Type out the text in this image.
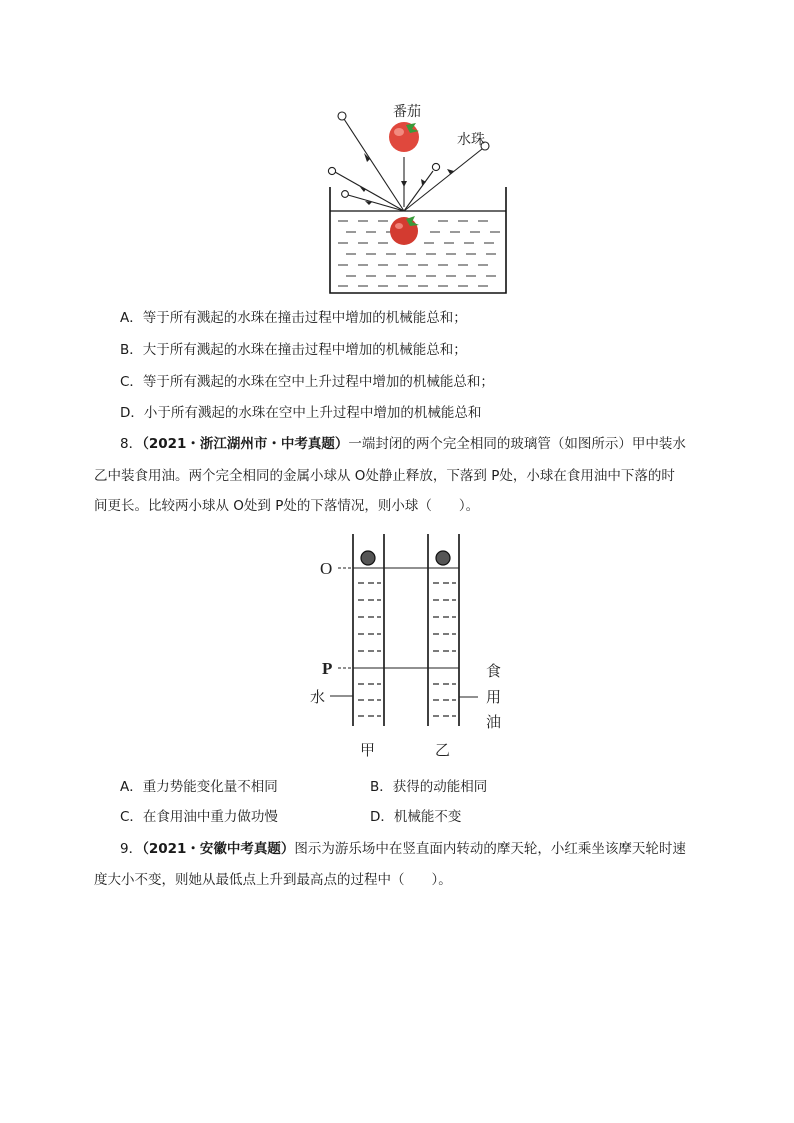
番茄
水珠
A．等于所有溅起的水珠在撞击过程中增加的机械能总和；
B．大于所有溅起的水珠在撞击过程中增加的机械能总和；
C．等于所有溅起的水珠在空中上升过程中增加的机械能总和；
D．小于所有溅起的水珠在空中上升过程中增加的机械能总和
8．（2021・浙江湖州市・中考真题）一端封闭的两个完全相同的玻璃管（如图所示）甲中装水
乙中装食用油。两个完全相同的金属小球从 O处静止释放，下落到 P处，小球在食用油中下落的时
间更长。比较两小球从 O处到 P处的下落情况，则小球（　　）。
O
P
水
食
用
油
甲	乙
A．重力势能变化量不相同	B．获得的动能相同
C．在食用油中重力做功慢	D．机械能不变
9．（2021・安徽中考真题）图示为游乐场中在竖直面内转动的摩天轮，小红乘坐该摩天轮时速
度大小不变，则她从最低点上升到最高点的过程中（　　）。
